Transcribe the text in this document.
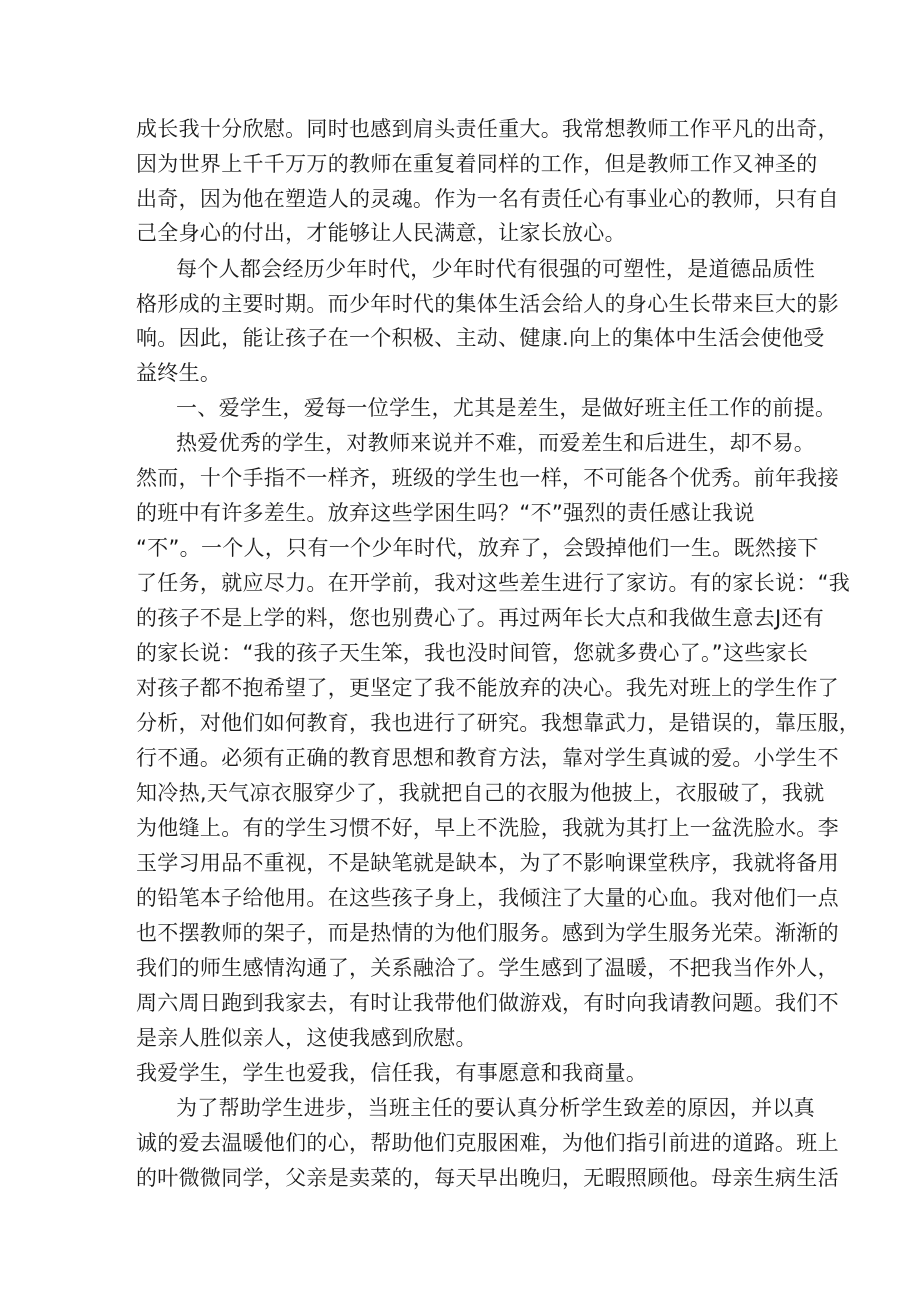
成长我十分欣慰。同时也感到肩头责任重大。我常想教师工作平凡的出奇，
因为世界上千千万万的教师在重复着同样的工作，但是教师工作又神圣的
出奇，因为他在塑造人的灵魂。作为一名有责任心有事业心的教师，只有自
己全身心的付出，才能够让人民满意，让家长放心。
每个人都会经历少年时代，少年时代有很强的可塑性，是道德品质性
格形成的主要时期。而少年时代的集体生活会给人的身心生长带来巨大的影
响。因此，能让孩子在一个积极、主动、健康.向上的集体中生活会使他受
益终生。
一、爱学生，爱每一位学生，尤其是差生，是做好班主任工作的前提。
热爱优秀的学生，对教师来说并不难，而爱差生和后进生，却不易。
然而，十个手指不一样齐，班级的学生也一样，不可能各个优秀。前年我接
的班中有许多差生。放弃这些学困生吗？“不”强烈的责任感让我说
“不”。一个人，只有一个少年时代，放弃了，会毁掉他们一生。既然接下
了任务，就应尽力。在开学前，我对这些差生进行了家访。有的家长说：“我
的孩子不是上学的料，您也别费心了。再过两年长大点和我做生意去J还有
的家长说：“我的孩子天生笨，我也没时间管，您就多费心了。”这些家长
对孩子都不抱希望了，更坚定了我不能放弃的决心。我先对班上的学生作了
分析，对他们如何教育，我也进行了研究。我想靠武力，是错误的，靠压服，
行不通。必须有正确的教育思想和教育方法，靠对学生真诚的爱。小学生不
知冷热,天气凉衣服穿少了，我就把自己的衣服为他披上，衣服破了，我就
为他缝上。有的学生习惯不好，早上不洗脸，我就为其打上一盆洗脸水。李
玉学习用品不重视，不是缺笔就是缺本，为了不影响课堂秩序，我就将备用
的铅笔本子给他用。在这些孩子身上，我倾注了大量的心血。我对他们一点
也不摆教师的架子，而是热情的为他们服务。感到为学生服务光荣。渐渐的
我们的师生感情沟通了，关系融洽了。学生感到了温暖，不把我当作外人，
周六周日跑到我家去，有时让我带他们做游戏，有时向我请教问题。我们不
是亲人胜似亲人，这使我感到欣慰。
我爱学生，学生也爱我，信任我，有事愿意和我商量。
为了帮助学生进步，当班主任的要认真分析学生致差的原因，并以真
诚的爱去温暖他们的心，帮助他们克服困难，为他们指引前进的道路。班上
的叶微微同学，父亲是卖菜的，每天早出晚归，无暇照顾他。母亲生病生活
